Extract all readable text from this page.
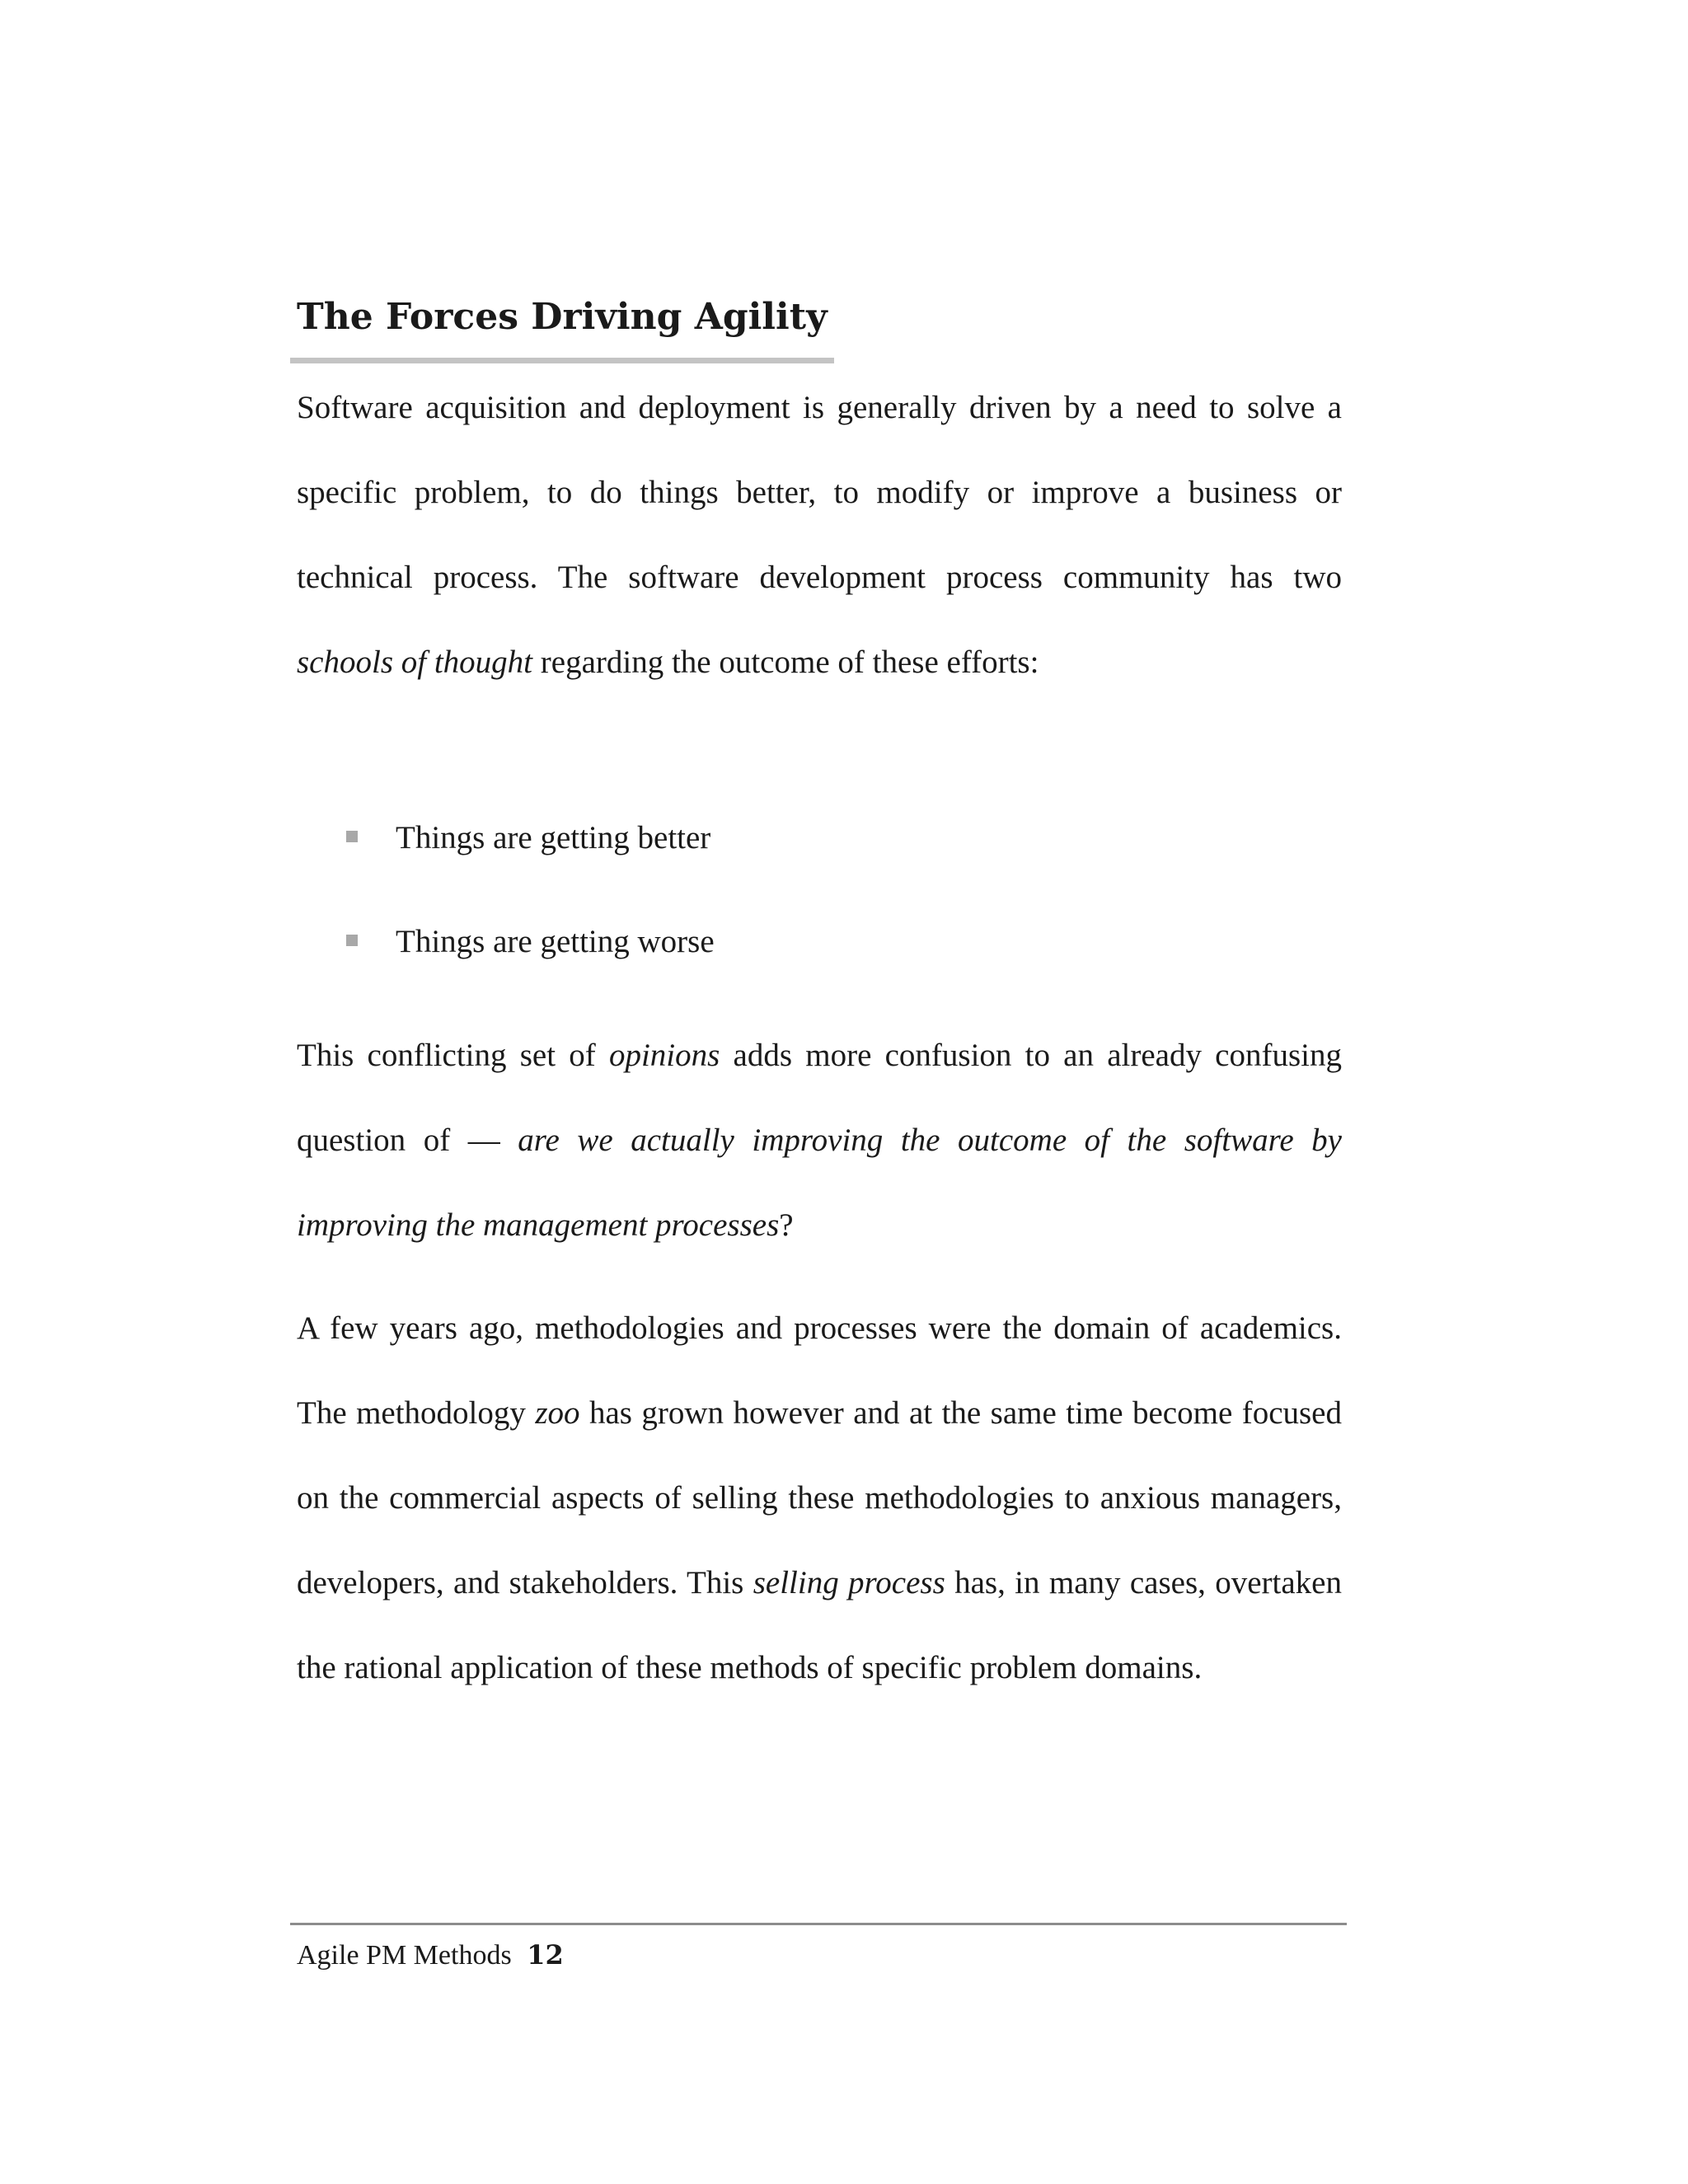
The Forces Driving Agility

Software acquisition and deployment is generally driven by a need to solve a specific problem, to do things better, to modify or improve a business or technical process. The software development process community has two schools of thought regarding the outcome of these efforts:

Things are getting better
Things are getting worse

This conflicting set of opinions adds more confusion to an already confusing question of — are we actually improving the outcome of the software by improving the management processes?

A few years ago, methodologies and processes were the domain of academics. The methodology zoo has grown however and at the same time become focused on the commercial aspects of selling these methodologies to anxious managers, developers, and stakeholders. This selling process has, in many cases, overtaken the rational application of these methods of specific problem domains.

Agile PM Methods 12
